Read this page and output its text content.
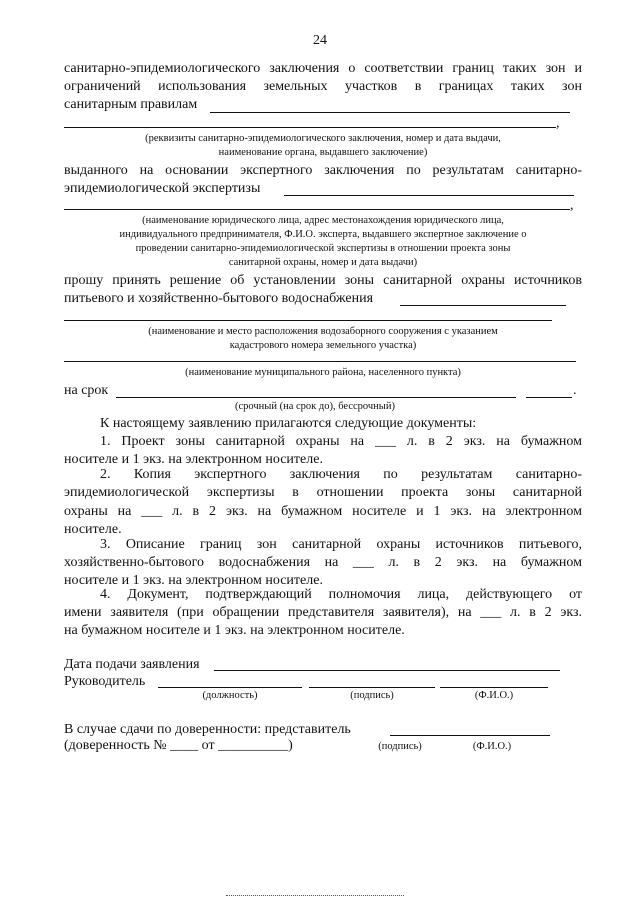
24
санитарно-эпидемиологического заключения о соответствии границ таких зон и
ограничений использования земельных участков в границах таких зон
санитарным правилам
,
(реквизиты санитарно-эпидемиологического заключения, номер и дата выдачи,
наименование органа, выдавшего заключение)
выданного на основании экспертного заключения по результатам санитарно-
эпидемиологической экспертизы
,
(наименование юридического лица, адрес местонахождения юридического лица,
индивидуального предпринимателя, Ф.И.О. эксперта, выдавшего экспертное заключение о
проведении санитарно-эпидемиологической экспертизы в отношении проекта зоны
санитарной охраны, номер и дата выдачи)
прошу принять решение об установлении зоны санитарной охраны источников
питьевого и хозяйственно-бытового водоснабжения
(наименование и место расположения водозаборного сооружения с указанием
кадастрового номера земельного участка)
(наименование муниципального района, населенного пункта)
на срок	.
(срочный (на срок до), бессрочный)
К настоящему заявлению прилагаются следующие документы:
1. Проект зоны санитарной охраны на ___ л. в 2 экз. на бумажном
носителе и 1 экз. на электронном носителе.
2. Копия экспертного заключения по результатам санитарно-
эпидемиологической экспертизы в отношении проекта зоны санитарной
охраны на ___ л. в 2 экз. на бумажном носителе и 1 экз. на электронном
носителе.
3. Описание границ зон санитарной охраны источников питьевого,
хозяйственно-бытового водоснабжения на ___ л. в 2 экз. на бумажном
носителе и 1 экз. на электронном носителе.
4. Документ, подтверждающий полномочия лица, действующего от
имени заявителя (при обращении представителя заявителя), на ___ л. в 2 экз.
на бумажном носителе и 1 экз. на электронном носителе.
Дата подачи заявления
Руководитель
(должность)	(подпись)	(Ф.И.О.)
В случае сдачи по доверенности: представитель
(доверенность № ____ от __________)	(подпись)	(Ф.И.О.)
